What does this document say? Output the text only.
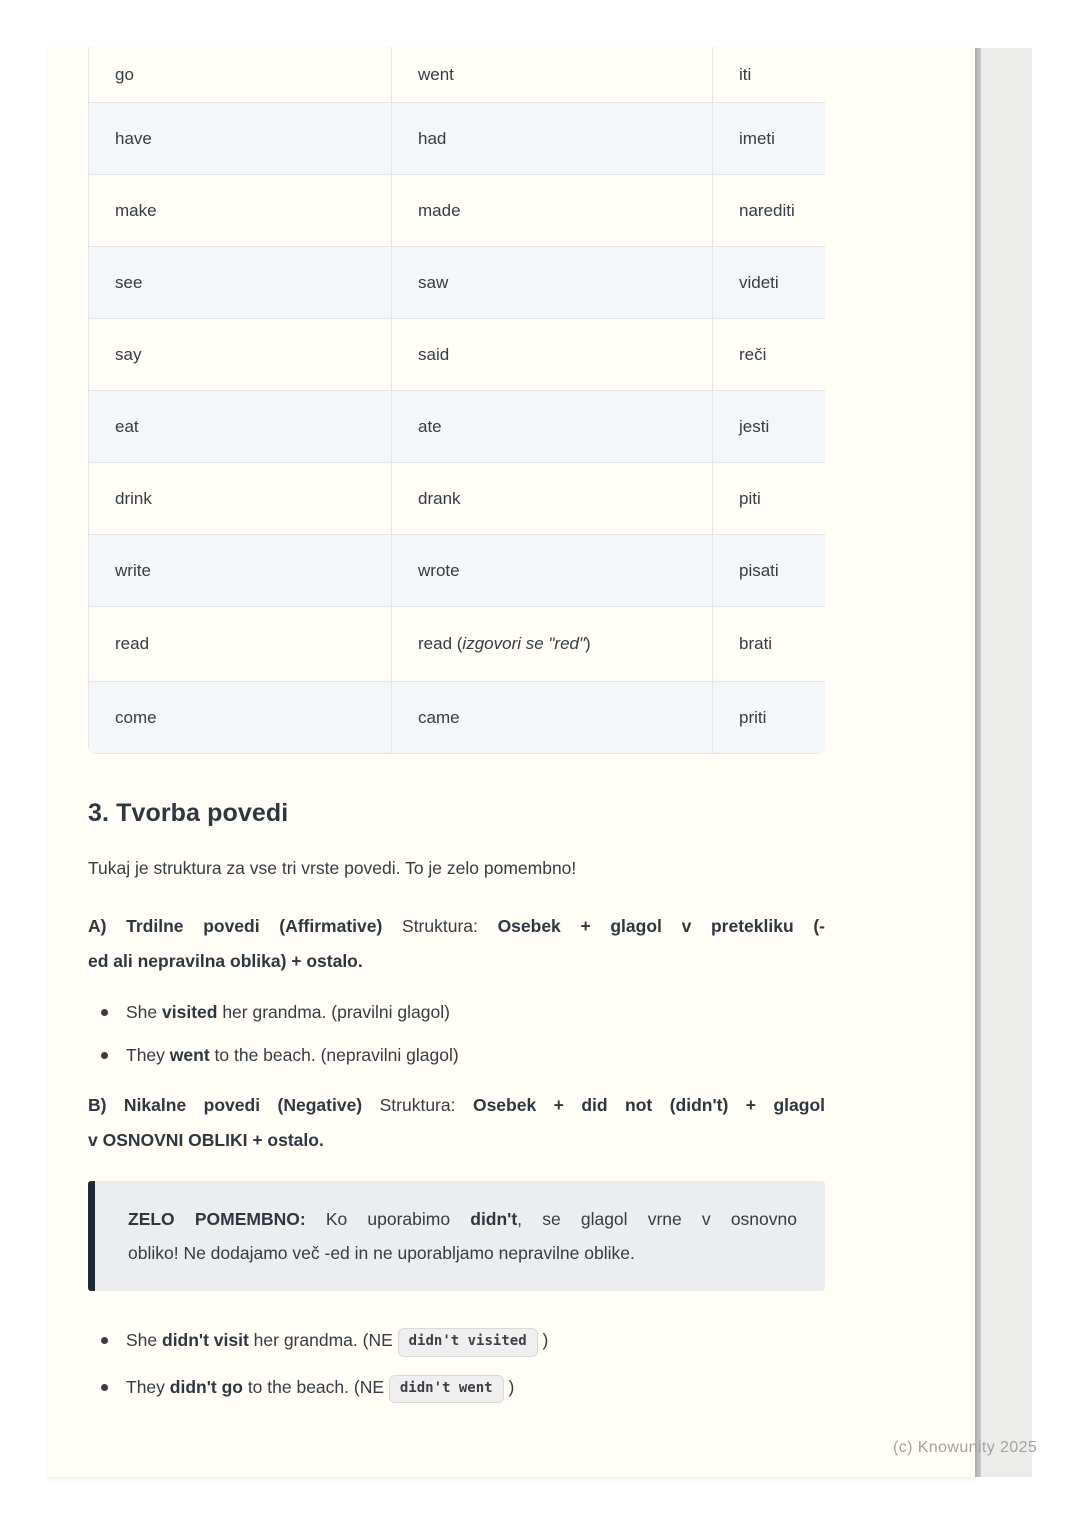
go	went	iti
have	had	imeti
make	made	narediti
see	saw	videti
say	said	reči
eat	ate	jesti
drink	drank	piti
write	wrote	pisati
read	read (izgovori se "red")	brati
come	came	priti
3. Tvorba povedi

Tukaj je struktura za vse tri vrste povedi. To je zelo pomembno!

A) Trdilne povedi (Affirmative) Struktura: Osebek + glagol v pretekliku (-
ed ali nepravilna oblika) + ostalo.
She visited her grandma. (pravilni glagol)
They went to the beach. (nepravilni glagol)
B) Nikalne povedi (Negative) Struktura: Osebek + did not (didn't) + glagol
v OSNOVNI OBLIKI + ostalo.
ZELO POMEMBNO: Ko uporabimo didn't, se glagol vrne v osnovno
obliko! Ne dodajamo več -ed in ne uporabljamo nepravilne oblike.
She didn't visit her grandma. (NE didn't visited )
They didn't go to the beach. (NE didn't went )
(c) Knowunity 2025
